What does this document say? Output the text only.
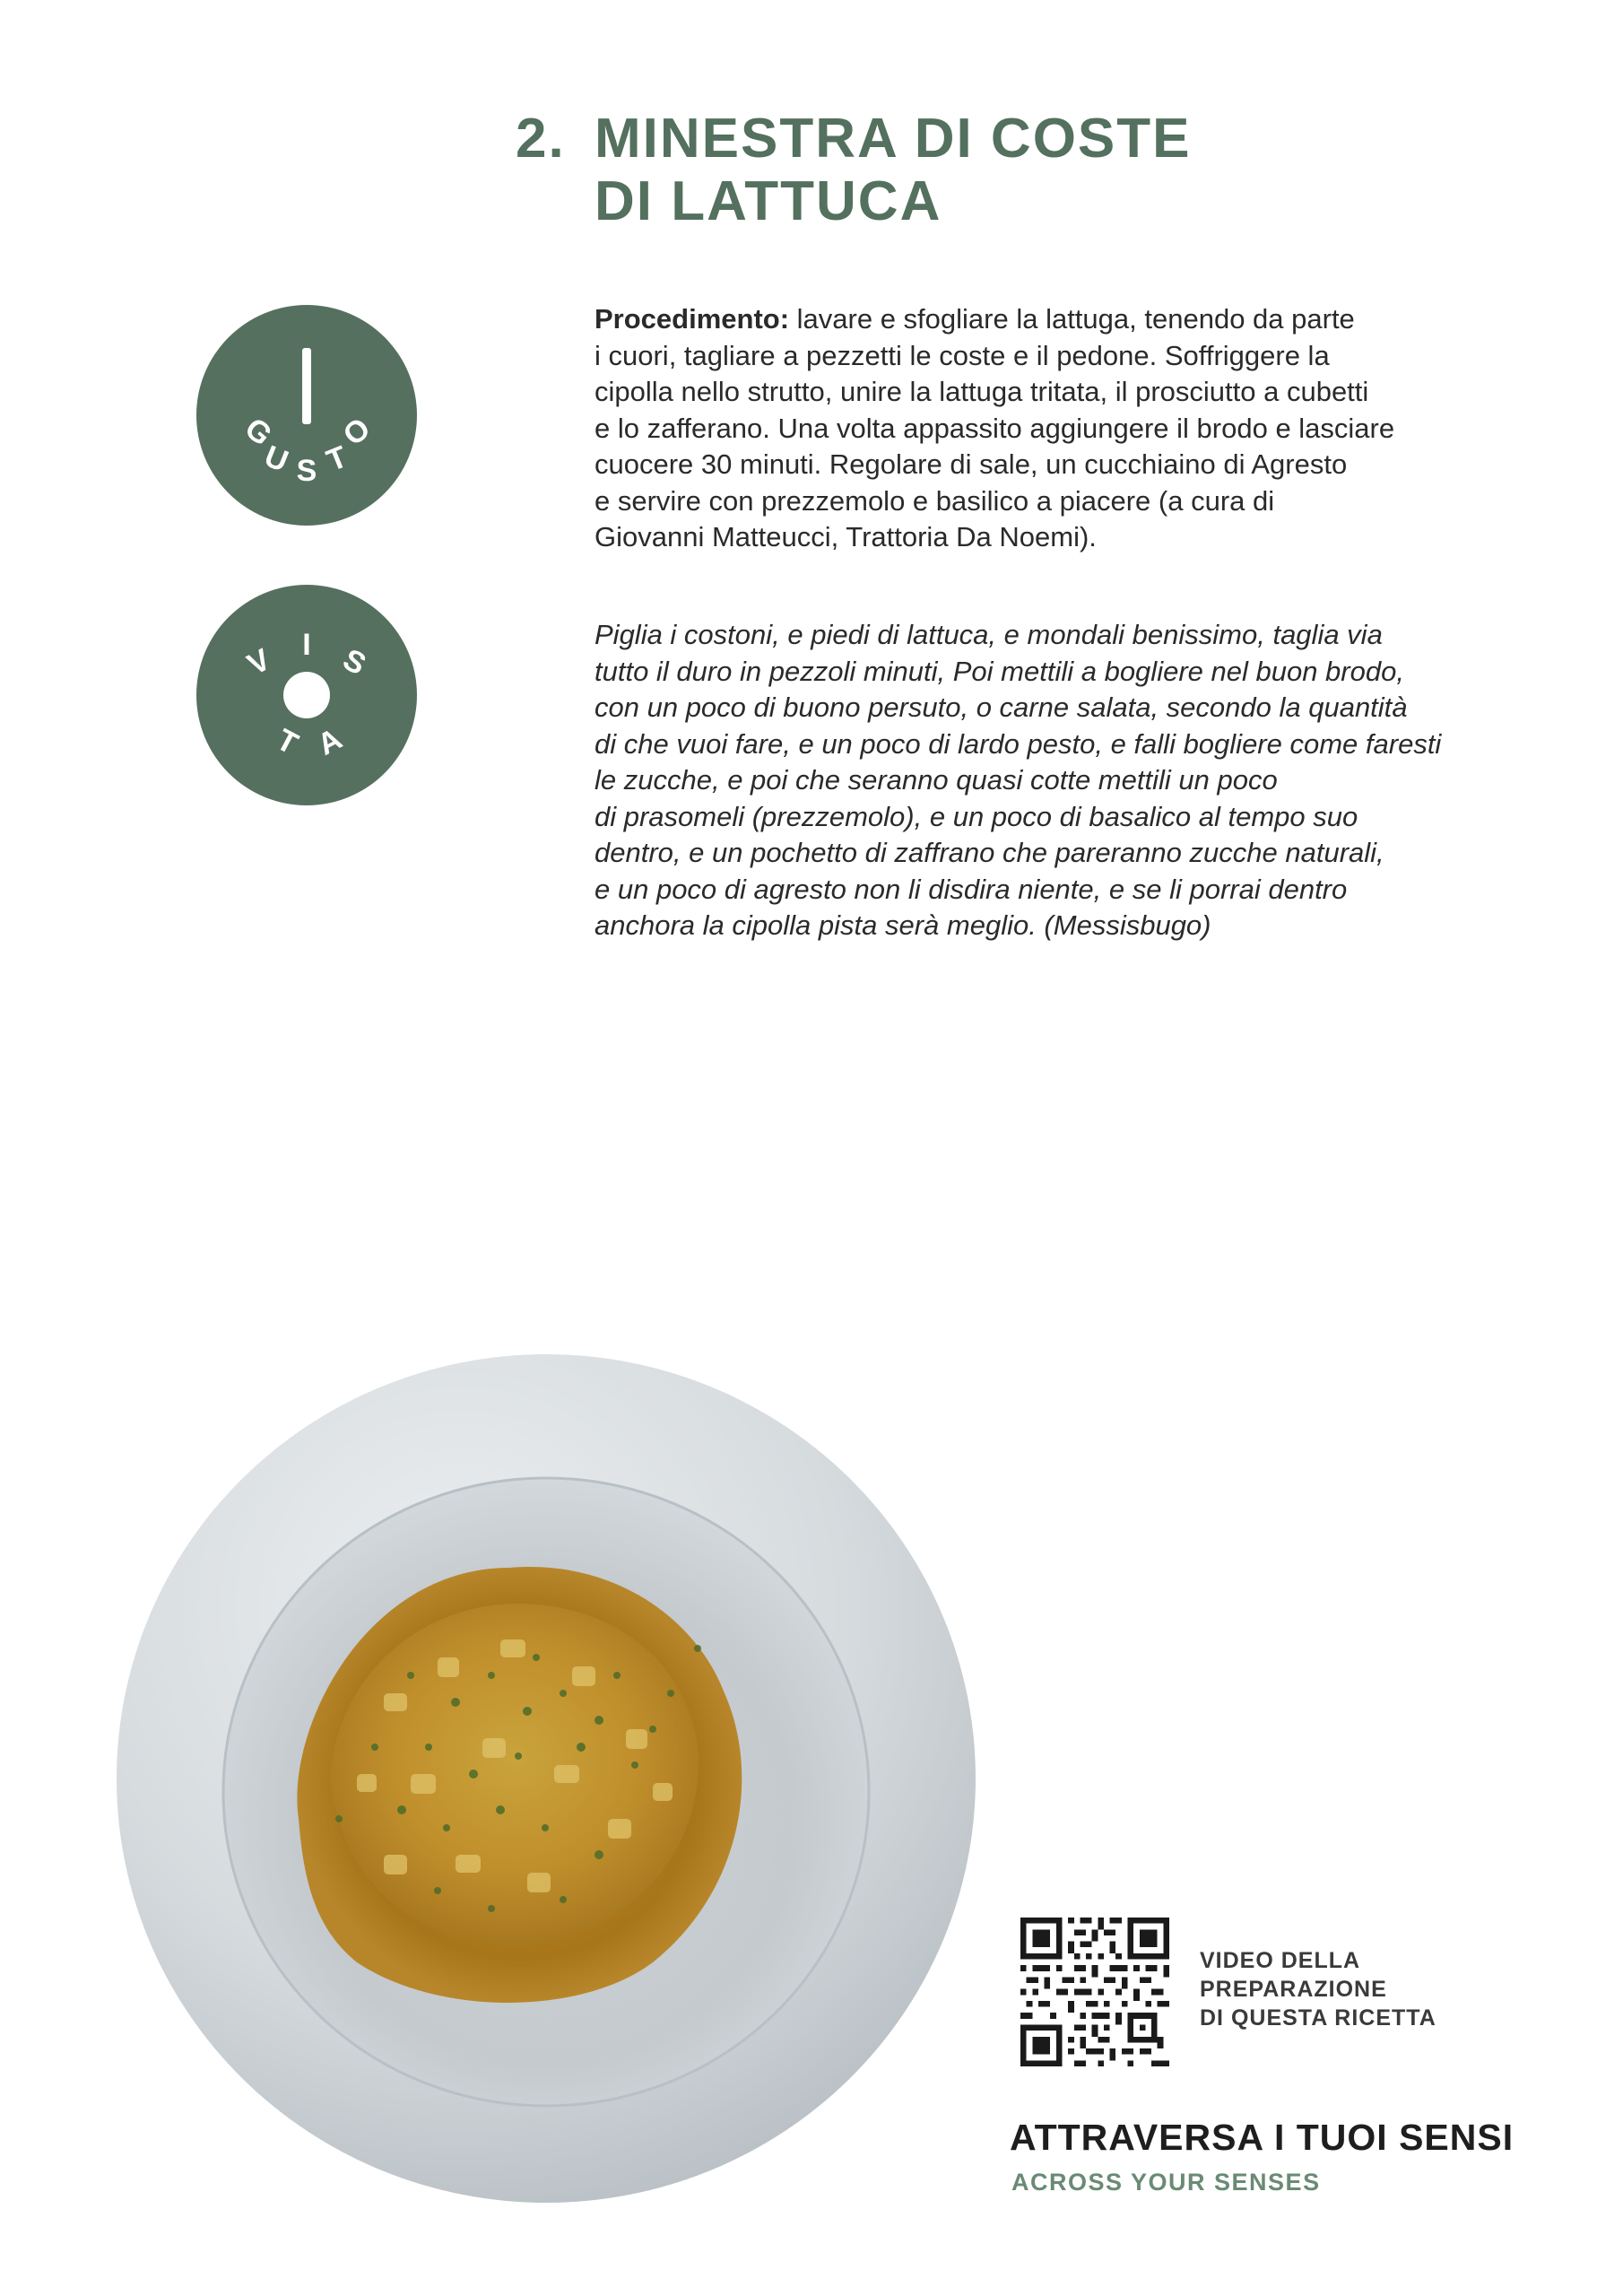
2. MINESTRA DI COSTE
DI LATTUCA
G
U S T
O
V I S
T A
Procedimento: lavare e sfogliare la lattuga, tenendo da parte
i cuori, tagliare a pezzetti le coste e il pedone. Soffriggere la
cipolla nello strutto, unire la lattuga tritata, il prosciutto a cubetti
e lo zafferano. Una volta appassito aggiungere il brodo e lasciare
cuocere 30 minuti. Regolare di sale, un cucchiaino di Agresto
e servire con prezzemolo e basilico a piacere (a cura di
Giovanni Matteucci, Trattoria Da Noemi).
Piglia i costoni, e piedi di lattuca, e mondali benissimo, taglia via
tutto il duro in pezzoli minuti, Poi mettili a bogliere nel buon brodo,
con un poco di buono persuto, o carne salata, secondo la quantità
di che vuoi fare, e un poco di lardo pesto, e falli bogliere come faresti
le zucche, e poi che seranno quasi cotte mettili un poco
di prasomeli (prezzemolo), e un poco di basalico al tempo suo
dentro, e un pochetto di zaffrano che pareranno zucche naturali,
e un poco di agresto non li disdira niente, e se li porrai dentro
anchora la cipolla pista serà meglio. (Messisbugo)
VIDEO DELLA
PREPARAZIONE
DI QUESTA RICETTA
ATTRAVERSA I TUOI SENSI
ACROSS YOUR SENSES
